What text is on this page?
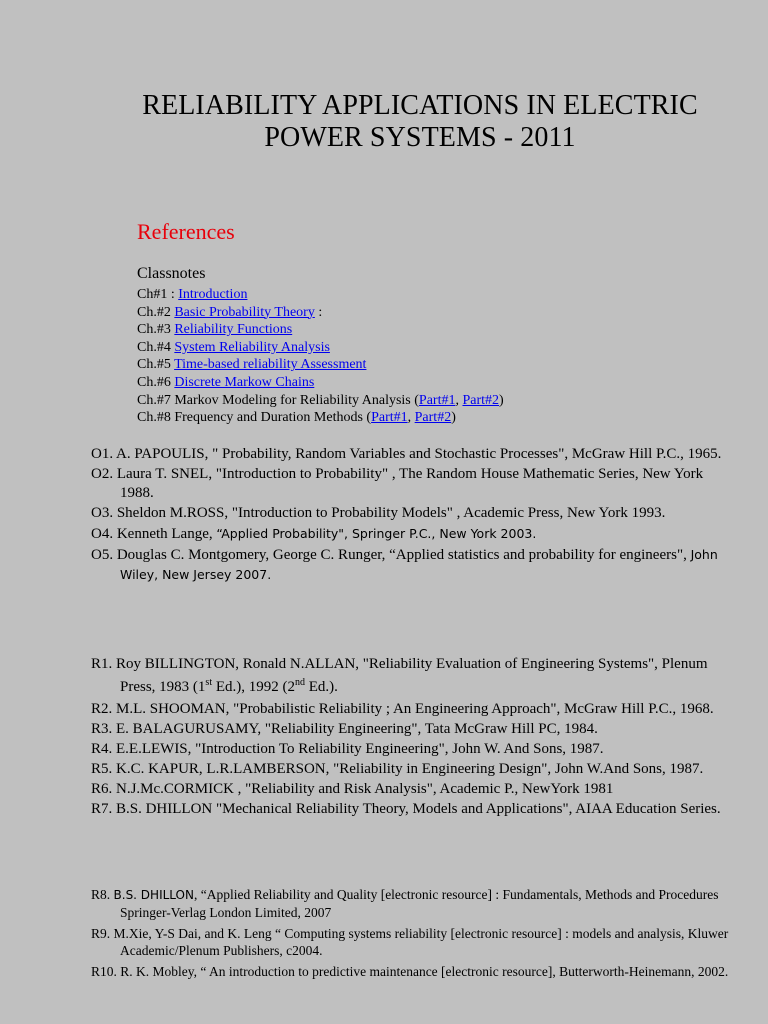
RELIABILITY APPLICATIONS IN ELECTRIC
POWER SYSTEMS - 2011
References
Classnotes
Ch#1 : Introduction
Ch.#2 Basic Probability Theory :
Ch.#3 Reliability Functions
Ch.#4 System Reliability Analysis
Ch.#5 Time-based reliability Assessment
Ch.#6 Discrete Markow Chains
Ch.#7 Markov Modeling for Reliability Analysis (Part#1, Part#2)
Ch.#8 Frequency and Duration Methods (Part#1, Part#2)
O1. A. PAPOULIS, " Probability, Random Variables and Stochastic Processes", McGraw Hill P.C., 1965.
O2. Laura T. SNEL, "Introduction to Probability" , The Random House Mathematic Series, New York 1988.
O3. Sheldon M.ROSS, "Introduction to Probability Models" , Academic Press, New York 1993.
O4. Kenneth Lange, “Applied Probability", Springer P.C., New York 2003.
O5. Douglas C. Montgomery, George C. Runger, “Applied statistics and probability for engineers", John Wiley, New Jersey 2007.
R1. Roy BILLINGTON, Ronald N.ALLAN, "Reliability Evaluation of Engineering Systems", Plenum Press, 1983 (1st Ed.), 1992 (2nd Ed.).
R2. M.L. SHOOMAN, "Probabilistic Reliability ; An Engineering Approach", McGraw Hill P.C., 1968.
R3. E. BALAGURUSAMY, "Reliability Engineering", Tata McGraw Hill PC, 1984.
R4. E.E.LEWIS, "Introduction To Reliability Engineering", John W. And Sons, 1987.
R5. K.C. KAPUR, L.R.LAMBERSON, "Reliability in Engineering Design", John W.And Sons, 1987.
R6. N.J.Mc.CORMICK , "Reliability and Risk Analysis", Academic P., NewYork 1981
R7. B.S. DHILLON "Mechanical Reliability Theory, Models and Applications", AIAA Education Series.
R8. B.S. DHILLON, “Applied Reliability and Quality [electronic resource] : Fundamentals, Methods and Procedures Springer-Verlag London Limited, 2007
R9. M.Xie, Y-S Dai, and K. Leng “ Computing systems reliability [electronic resource] : models and analysis, Kluwer Academic/Plenum Publishers, c2004.
R10. R. K. Mobley, “ An introduction to predictive maintenance [electronic resource], Butterworth-Heinemann, 2002.
